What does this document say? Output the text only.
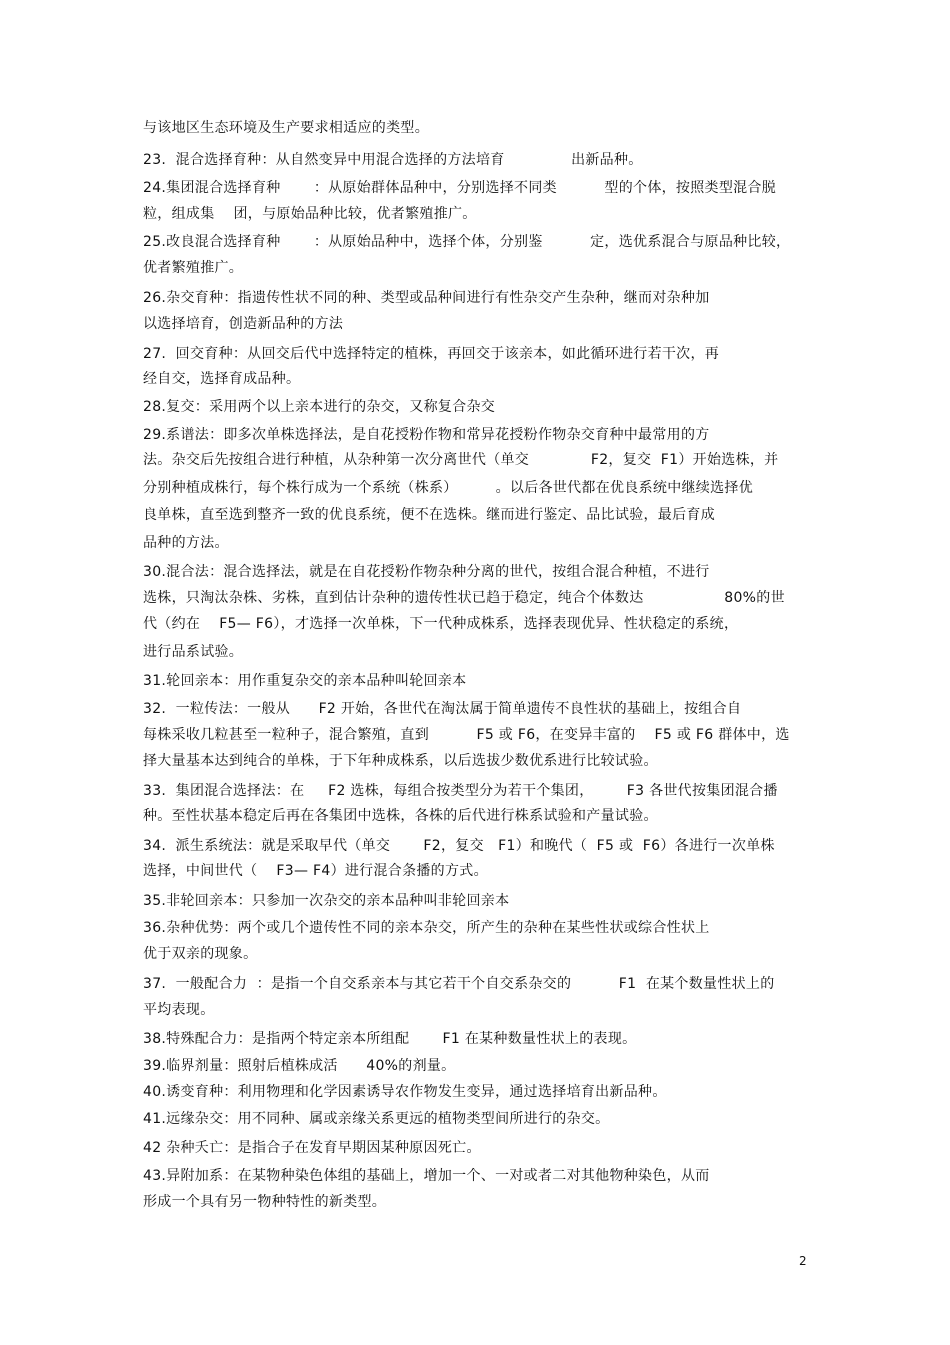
与该地区生态环境及生产要求相适应的类型。
23.  混合选择育种：从自然变异中用混合选择的方法培育              出新品种。
24.集团混合选择育种       ：从原始群体品种中，分别选择不同类          型的个体，按照类型混合脱
粒，组成集    团，与原始品种比较，优者繁殖推广。
25.改良混合选择育种       ：从原始品种中，选择个体，分别鉴          定，选优系混合与原品种比较，
优者繁殖推广。
26.杂交育种：指遗传性状不同的种、类型或品种间进行有性杂交产生杂种，继而对杂种加
以选择培育，创造新品种的方法
27.  回交育种：从回交后代中选择特定的植株，再回交于该亲本，如此循环进行若干次，再
经自交，选择育成品种。
28.复交：采用两个以上亲本进行的杂交，又称复合杂交
29.系谱法：即多次单株选择法，是自花授粉作物和常异花授粉作物杂交育种中最常用的方
法。杂交后先按组合进行种植，从杂种第一次分离世代（单交             F2，复交  F1）开始选株，并
分别种植成株行，每个株行成为一个系统（株系）        。以后各世代都在优良系统中继续选择优
良单株，直至选到整齐一致的优良系统，便不在选株。继而进行鉴定、品比试验，最后育成
品种的方法。
30.混合法：混合选择法，就是在自花授粉作物杂种分离的世代，按组合混合种植，不进行
选株，只淘汰杂株、劣株，直到估计杂种的遗传性状已趋于稳定，纯合个体数达                 80%的世
代（约在    F5— F6），才选择一次单株，下一代种成株系，选择表现优异、性状稳定的系统，
进行品系试验。
31.轮回亲本：用作重复杂交的亲本品种叫轮回亲本
32.  一粒传法：一般从      F2 开始，各世代在淘汰属于简单遗传不良性状的基础上，按组合自
每株采收几粒甚至一粒种子，混合繁殖，直到          F5 或 F6，在变异丰富的    F5 或 F6 群体中，选
择大量基本达到纯合的单株，于下年种成株系，以后选拔少数优系进行比较试验。
33.  集团混合选择法：在     F2 选株，每组合按类型分为若干个集团，       F3 各世代按集团混合播
种。至性状基本稳定后再在各集团中选株，各株的后代进行株系试验和产量试验。
34.  派生系统法：就是采取早代（单交       F2，复交   F1）和晚代（  F5 或  F6）各进行一次单株
选择，中间世代（    F3— F4）进行混合条播的方式。
35.非轮回亲本：只参加一次杂交的亲本品种叫非轮回亲本
36.杂种优势：两个或几个遗传性不同的亲本杂交，所产生的杂种在某些性状或综合性状上
优于双亲的现象。
37.  一般配合力  ：是指一个自交系亲本与其它若干个自交系杂交的          F1  在某个数量性状上的
平均表现。
38.特殊配合力：是指两个特定亲本所组配       F1 在某种数量性状上的表现。
39.临界剂量：照射后植株成活      40%的剂量。
40.诱变育种：利用物理和化学因素诱导农作物发生变异，通过选择培育出新品种。
41.远缘杂交：用不同种、属或亲缘关系更远的植物类型间所进行的杂交。
42 杂种夭亡：是指合子在发育早期因某种原因死亡。
43.异附加系：在某物种染色体组的基础上，增加一个、一对或者二对其他物种染色，从而
形成一个具有另一物种特性的新类型。
2
